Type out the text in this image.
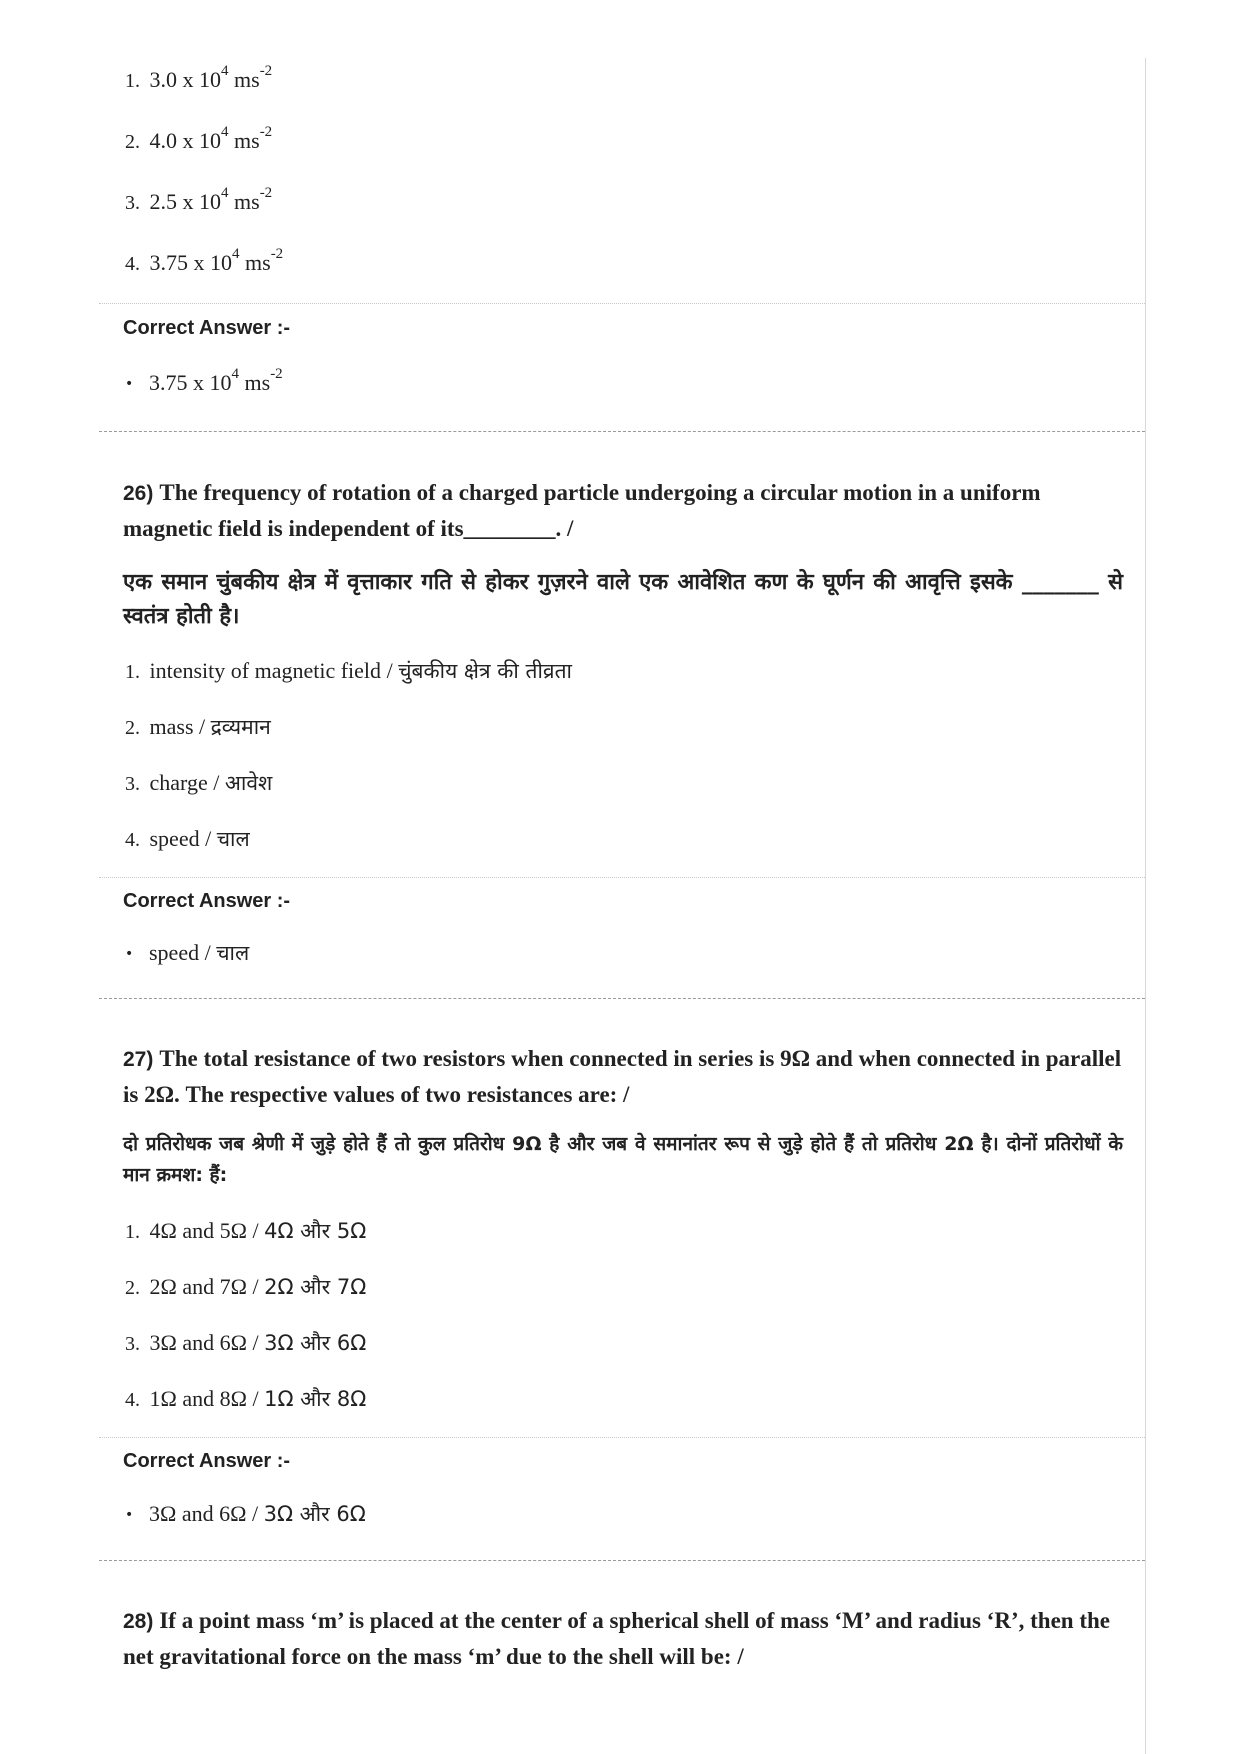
1. 3.0 x $10^4$ $ms^{-2}$
2. 4.0 x $10^4$ $ms^{-2}$
3. 2.5 x $10^4$ $ms^{-2}$
4. 3.75 x $10^4$ $ms^{-2}$
Correct Answer :-
• 3.75 x $10^4$ $ms^{-2}$
26) The frequency of rotation of a charged particle undergoing a circular motion in a uniform magnetic field is independent of its________. /
एक समान चुंबकीय क्षेत्र में वृत्ताकार गति से होकर गुज़रने वाले एक आवेशित कण के घूर्णन की आवृत्ति इसके _______ से स्वतंत्र होती है।
1. intensity of magnetic field / चुंबकीय क्षेत्र की तीव्रता
2. mass / द्रव्यमान
3. charge / आवेश
4. speed / चाल
Correct Answer :-
• speed / चाल
27) The total resistance of two resistors when connected in series is 9Ω and when connected in parallel is 2Ω. The respective values of two resistances are: /
दो प्रतिरोधक जब श्रेणी में जुड़े होते हैं तो कुल प्रतिरोध 9Ω है और जब वे समानांतर रूप से जुड़े होते हैं तो प्रतिरोध 2Ω है। दोनों प्रतिरोधों के मान क्रमश: हैं:
1. 4Ω and 5Ω / 4Ω और 5Ω
2. 2Ω and 7Ω / 2Ω और 7Ω
3. 3Ω and 6Ω / 3Ω और 6Ω
4. 1Ω and 8Ω / 1Ω और 8Ω
Correct Answer :-
• 3Ω and 6Ω / 3Ω और 6Ω
28) If a point mass ‘m’ is placed at the center of a spherical shell of mass ‘M’ and radius ‘R’, then the net gravitational force on the mass ‘m’ due to the shell will be: /
